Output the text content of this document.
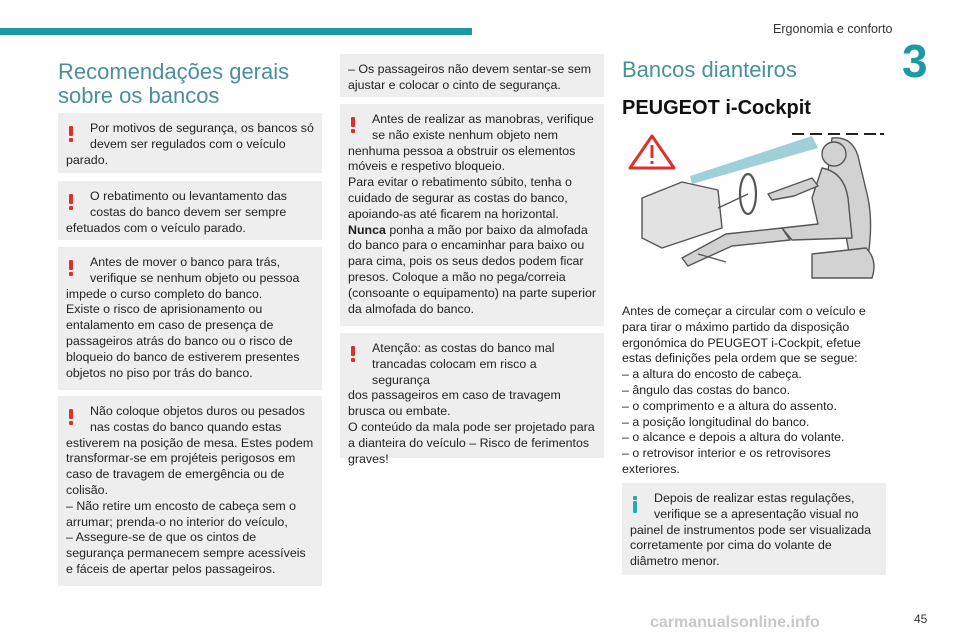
Ergonomia e conforto
3
Recomendações gerais
sobre os bancos

Por motivos de segurança, os bancos só devem ser regulados com o veículo

parado.

O rebatimento ou levantamento das costas do banco devem ser sempre

efetuados com o veículo parado.

Antes de mover o banco para trás, verifique se nenhum objeto ou pessoa

impede o curso completo do banco.
Existe o risco de aprisionamento ou entalamento em caso de presença de passageiros atrás do banco ou o risco de bloqueio do banco de estiverem presentes objetos no piso por trás do banco.

Não coloque objetos duros ou pesados nas costas do banco quando estas

estiverem na posição de mesa. Estes podem transformar-se em projéteis perigosos em caso de travagem de emergência ou de colisão.
– Não retire um encosto de cabeça sem o arrumar; prenda-o no interior do veículo,
– Assegure-se de que os cintos de segurança permanecem sempre acessíveis e fáceis de apertar pelos passageiros.

– Os passageiros não devem sentar-se sem ajustar e colocar o cinto de segurança.

Antes de realizar as manobras, verifique se não existe nenhum objeto nem

nenhuma pessoa a obstruir os elementos móveis e respetivo bloqueio.
Para evitar o rebatimento súbito, tenha o cuidado de segurar as costas do banco, apoiando-as até ficarem na horizontal.

Nunca ponha a mão por baixo da almofada do banco para o encaminhar para baixo ou para cima, pois os seus dedos podem ficar presos. Coloque a mão no pega/correia (consoante o equipamento) na parte superior da almofada do banco.

Atenção: as costas do banco mal trancadas colocam em risco a segurança

dos passageiros em caso de travagem brusca ou embate.
O conteúdo da mala pode ser projetado para a dianteira do veículo – Risco de ferimentos graves!

Bancos dianteiros
PEUGEOT i-Cockpit

Antes de começar a circular com o veículo e para tirar o máximo partido da disposição ergonómica do PEUGEOT i-Cockpit, efetue estas definições pela ordem que se segue:
– a altura do encosto de cabeça.
– ângulo das costas do banco.
– o comprimento e a altura do assento.
– a posição longitudinal do banco.
– o alcance e depois a altura do volante.
– o retrovisor interior e os retrovisores exteriores.

Depois de realizar estas regulações, verifique se a apresentação visual no

painel de instrumentos pode ser visualizada corretamente por cima do volante de diâmetro menor.

carmanualsonline.info	45
